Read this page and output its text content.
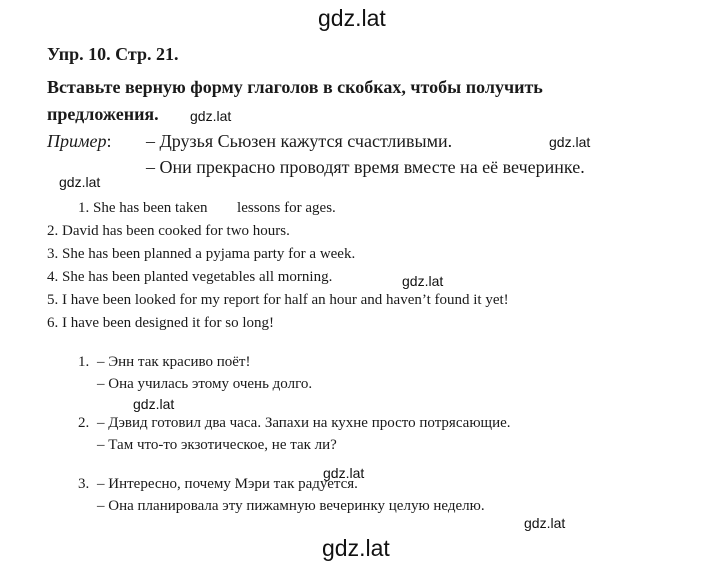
gdz.lat
gdz.lat
gdz.lat
gdz.lat
gdz.lat
gdz.lat
gdz.lat
gdz.lat
gdz.lat
Упр. 10. Стр. 21.
Вставьте верную форму глаголов в скобках, чтобы получить
предложения.
Пример: – Друзья Сьюзен кажутся счастливыми.
– Они прекрасно проводят время вместе на её вечеринке.
1. She has been taken lessons for ages.
2. David has been cooked for two hours.
3. She has been planned a pyjama party for a week.
4. She has been planted vegetables all morning.
5. I have been looked for my report for half an hour and haven’t found it yet!
6. I have been designed it for so long!
1. – Энн так красиво поёт!
– Она училась этому очень долго.
2. – Дэвид готовил два часа. Запахи на кухне просто потрясающие.
– Там что-то экзотическое, не так ли?
3. – Интересно, почему Мэри так радуется.
– Она планировала эту пижамную вечеринку целую неделю.
